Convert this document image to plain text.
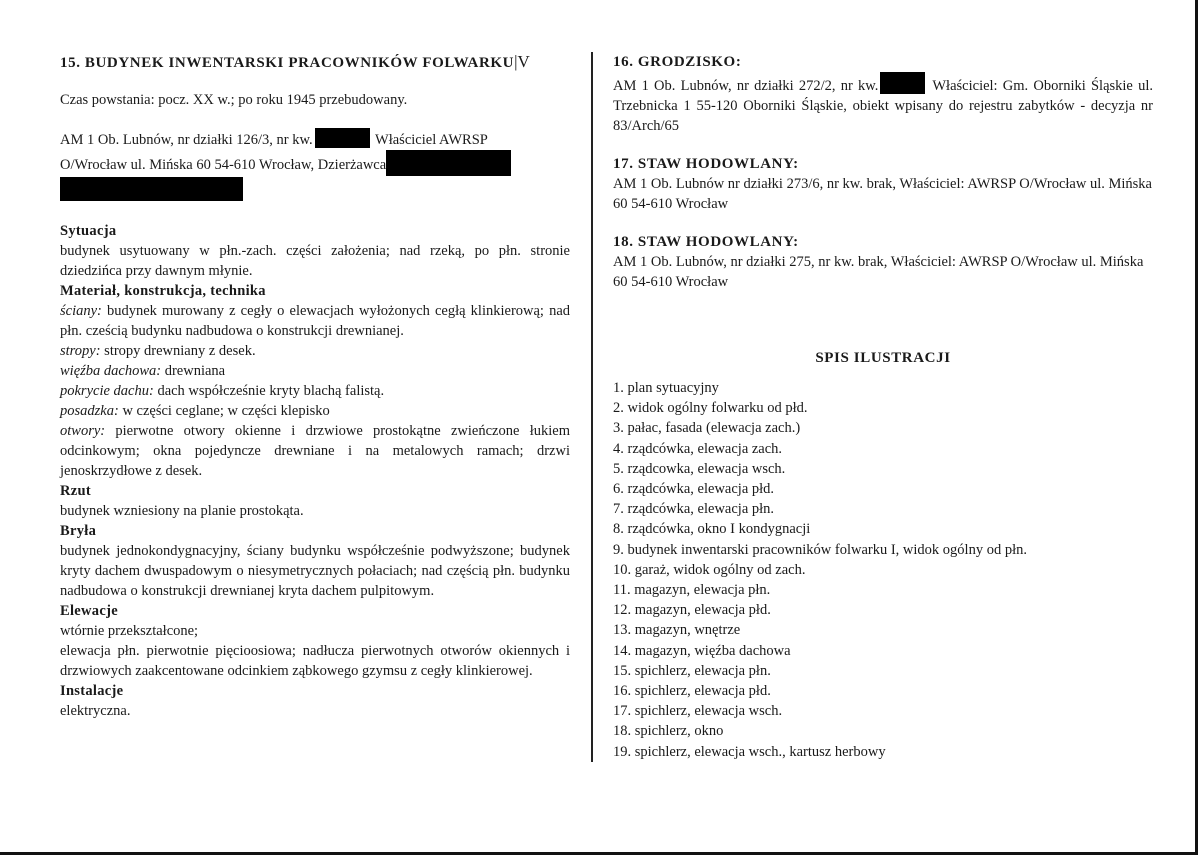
15. BUDYNEK INWENTARSKI PRACOWNIKÓW FOLWARKU |V

Czas powstania: pocz. XX w.; po roku 1945 przebudowany.

AM 1 Ob. Lubnów, nr działki 126/3, nr kw.	Właściciel AWRSP

O/Wrocław ul. Mińska 60 54-610 Wrocław, Dzierżawca

Sytuacja

budynek usytuowany w płn.-zach. części założenia; nad rzeką, po płn. stronie dziedzińca przy dawnym młynie.

Materiał, konstrukcja, technika

ściany: budynek murowany z cegły o elewacjach wyłożonych cegłą klinkierową; nad płn. cześcią budynku nadbudowa o konstrukcji drewnianej.

stropy: stropy drewniany z desek.

więźba dachowa: drewniana

pokrycie dachu: dach współcześnie kryty blachą falistą.

posadzka: w części ceglane; w części klepisko

otwory: pierwotne otwory okienne i drzwiowe prostokątne zwieńczone łukiem odcinkowym; okna pojedyncze drewniane i na metalowych ramach; drzwi jenoskrzydłowe z desek.

Rzut

budynek wzniesiony na planie prostokąta.

Bryła

budynek jednokondygnacyjny, ściany budynku współcześnie podwyższone; budynek kryty dachem dwuspadowym o niesymetrycznych połaciach; nad częścią płn. budynku nadbudowa o konstrukcji drewnianej kryta dachem pulpitowym.

Elewacje

wtórnie przekształcone;

elewacja płn. pierwotnie pięcioosiowa; nadłucza pierwotnych otworów okiennych i drzwiowych zaakcentowane odcinkiem ząbkowego gzymsu z cegły klinkierowej.

Instalacje

elektryczna.

16. GRODZISKO:

AM 1 Ob. Lubnów, nr działki 272/2, nr kw.	Właściciel: Gm. Oborniki Śląskie ul. Trzebnicka 1 55-120 Oborniki Śląskie, obiekt wpisany do rejestru zabytków - decyzja nr 83/Arch/65

17. STAW HODOWLANY:

AM 1 Ob. Lubnów nr działki 273/6, nr kw. brak, Właściciel: AWRSP O/Wrocław ul. Mińska 60 54-610 Wrocław

18. STAW HODOWLANY:

AM 1 Ob. Lubnów, nr działki 275, nr kw. brak, Właściciel: AWRSP O/Wrocław ul. Mińska 60 54-610 Wrocław

SPIS ILUSTRACJI

1. plan sytuacyjny
2. widok ogólny folwarku od płd.
3. pałac, fasada (elewacja zach.)
4. rządcówka, elewacja zach.
5. rządcowka, elewacja wsch.
6. rządcówka, elewacja płd.
7. rządcówka, elewacja płn.
8. rządcówka, okno I kondygnacji
9. budynek inwentarski pracowników folwarku I, widok ogólny od płn.
10. garaż, widok ogólny od zach.
11. magazyn, elewacja płn.
12. magazyn, elewacja płd.
13. magazyn, wnętrze
14. magazyn, więźba dachowa
15. spichlerz, elewacja płn.
16. spichlerz, elewacja płd.
17. spichlerz, elewacja wsch.
18. spichlerz, okno
19. spichlerz, elewacja wsch., kartusz herbowy
